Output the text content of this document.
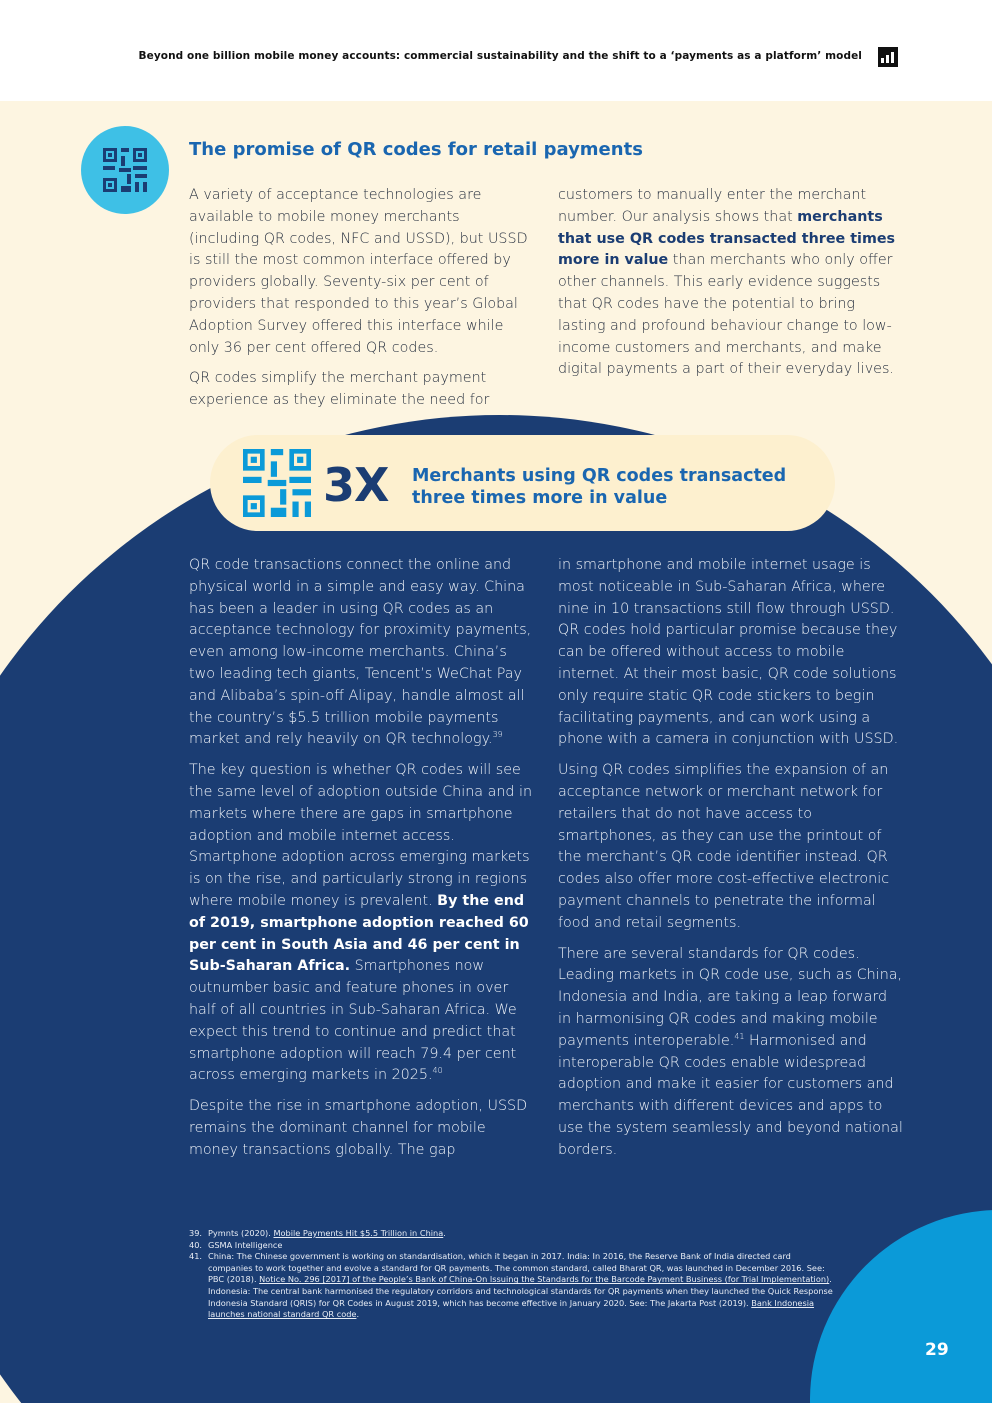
Beyond one billion mobile money accounts: commercial sustainability and the shift to a ‘payments as a platform’ model
The promise of QR codes for retail payments

A variety of acceptance technologies are available to mobile money merchants (including QR codes, NFC and USSD), but USSD is still the most common interface offered by providers globally. Seventy-six per cent of providers that responded to this year’s Global Adoption Survey offered this interface while only 36 per cent offered QR codes.

QR codes simplify the merchant payment experience as they eliminate the need for

customers to manually enter the merchant number. Our analysis shows that merchants that use QR codes transacted three times more in value than merchants who only offer other channels. This early evidence suggests that QR codes have the potential to bring lasting and profound behaviour change to low-income customers and merchants, and make digital payments a part of their everyday lives.

3X Merchants using QR codes transacted three times more in value

QR code transactions connect the online and physical world in a simple and easy way. China has been a leader in using QR codes as an acceptance technology for proximity payments, even among low-income merchants. China’s two leading tech giants, Tencent’s WeChat Pay and Alibaba’s spin-off Alipay, handle almost all the country’s $5.5 trillion mobile payments market and rely heavily on QR technology.$^{39}$

The key question is whether QR codes will see the same level of adoption outside China and in markets where there are gaps in smartphone adoption and mobile internet access. Smartphone adoption across emerging markets is on the rise, and particularly strong in regions where mobile money is prevalent. By the end of 2019, smartphone adoption reached 60 per cent in South Asia and 46 per cent in Sub-Saharan Africa. Smartphones now outnumber basic and feature phones in over half of all countries in Sub-Saharan Africa. We expect this trend to continue and predict that smartphone adoption will reach 79.4 per cent across emerging markets in 2025.40

Despite the rise in smartphone adoption, USSD remains the dominant channel for mobile money transactions globally. The gap

in smartphone and mobile internet usage is most noticeable in Sub-Saharan Africa, where nine in 10 transactions still flow through USSD. QR codes hold particular promise because they can be offered without access to mobile internet. At their most basic, QR code solutions only require static QR code stickers to begin facilitating payments, and can work using a phone with a camera in conjunction with USSD.

Using QR codes simplifies the expansion of an acceptance network or merchant network for retailers that do not have access to smartphones, as they can use the printout of the merchant’s QR code identifier instead. QR codes also offer more cost-effective electronic payment channels to penetrate the informal food and retail segments.

There are several standards for QR codes. Leading markets in QR code use, such as China, Indonesia and India, are taking a leap forward in harmonising QR codes and making mobile payments interoperable.$^{41}$ Harmonised and interoperable QR codes enable widespread adoption and make it easier for customers and merchants with different devices and apps to use the system seamlessly and beyond national borders.

39. Pymnts (2020). Mobile Payments Hit $5.5 Trillion in China.
40. GSMA Intelligence
41. China: The Chinese government is working on standardisation, which it began in 2017. India: In 2016, the Reserve Bank of India directed card companies to work together and evolve a standard for QR payments. The common standard, called Bharat QR, was launched in December 2016. See: PBC (2018). Notice No. 296 [2017] of the People’s Bank of China-On Issuing the Standards for the Barcode Payment Business (for Trial Implementation). Indonesia: The central bank harmonised the regulatory corridors and technological standards for QR payments when they launched the Quick Response Indonesia Standard (QRIS) for QR Codes in August 2019, which has become effective in January 2020. See: The Jakarta Post (2019). Bank Indonesia launches national standard QR code.
29
